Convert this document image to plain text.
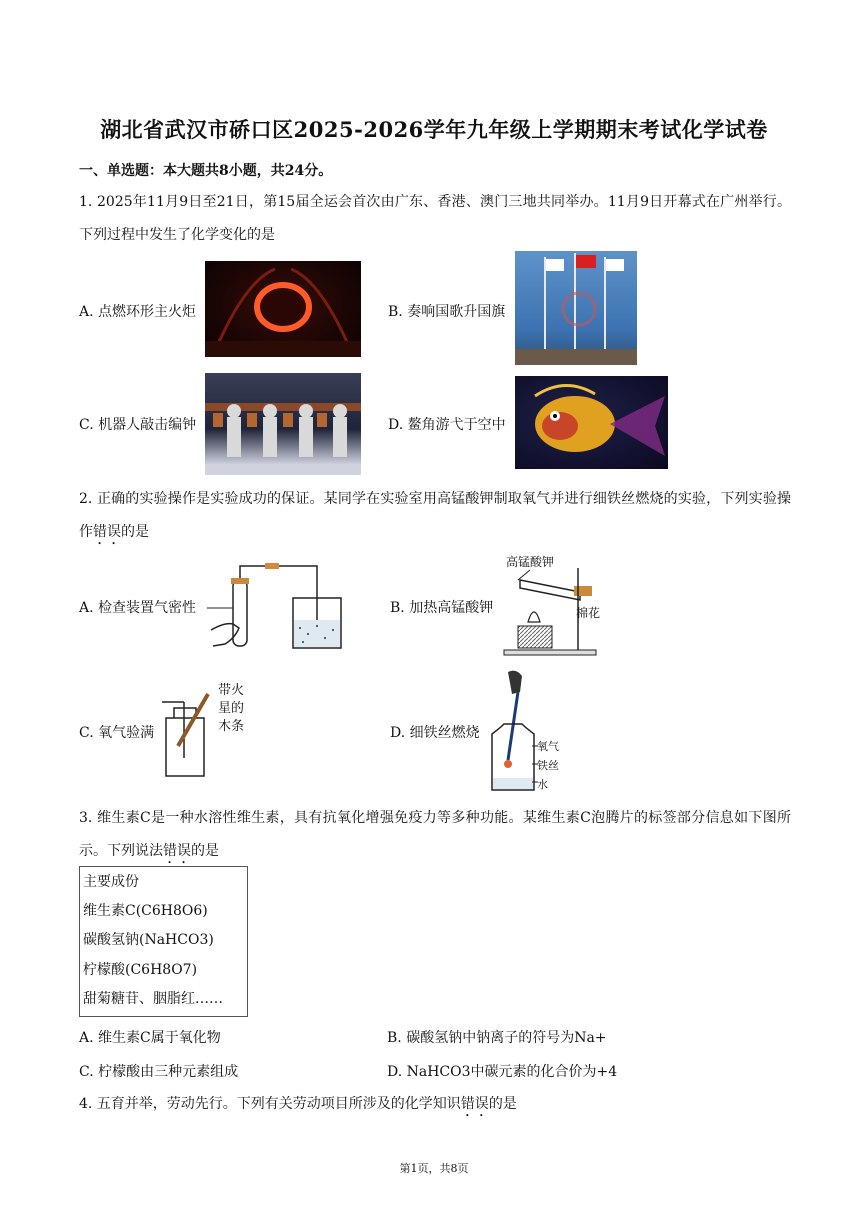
湖北省武汉市硚口区2025-2026学年九年级上学期期末考试化学试卷
一、单选题：本大题共8小题，共24分。
1. 2025年11月9日至21日，第15届全运会首次由广东、香港、澳门三地共同举办。11月9日开幕式在广州举行。下列过程中发生了化学变化的是
A. 点燃环形主火炬	B. 奏响国歌升国旗
C. 机器人敲击编钟	D. 鳌角游弋于空中
2. 正确的实验操作是实验成功的保证。某同学在实验室用高锰酸钾制取氧气并进行细铁丝燃烧的实验，下列实验操作错误的是
A. 检查装置气密性	B. 加热高锰酸钾
高锰酸钾
棉花
C. 氧气验满
带火
星的
木条	D. 细铁丝燃烧
氧气
铁丝
水
3. 维生素C是一种水溶性维生素，具有抗氧化增强免疫力等多种功能。某维生素C泡腾片的标签部分信息如下图所示。下列说法错误的是
主要成份
维生素C(C6H8O6)
碳酸氢钠(NaHCO3)
柠檬酸(C6H8O7)
甜菊糖苷、胭脂红……
A. 维生素C属于氧化物	B. 碳酸氢钠中钠离子的符号为Na+
C. 柠檬酸由三种元素组成	D. NaHCO3中碳元素的化合价为+4
4. 五育并举，劳动先行。下列有关劳动项目所涉及的化学知识错误的是
第1页，共8页
